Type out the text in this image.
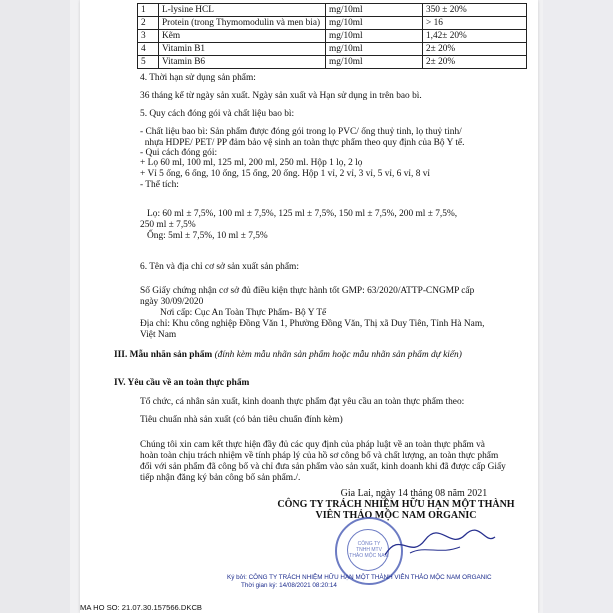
1	L-lysine HCL	mg/10ml	350 ± 20%
2	Protein (trong Thymomodulin và men bia)	mg/10ml	> 16
3	Kẽm	mg/10ml	1,42± 20%
4	Vitamin B1	mg/10ml	2± 20%
5	Vitamin B6	mg/10ml	2± 20%
4. Thời hạn sử dụng sản phẩm:
36 tháng kể từ ngày sản xuất. Ngày sản xuất và Hạn sử dụng in trên bao bì.
5. Quy cách đóng gói và chất liệu bao bì:
- Chất liệu bao bì: Sản phẩm được đóng gói trong lọ PVC/ ống thuỷ tinh, lọ thuỷ tinh/
nhựa HDPE/ PET/ PP đảm bảo vệ sinh an toàn thực phẩm theo quy định của Bộ Y tế.
- Qui cách đóng gói:
+ Lọ 60 ml, 100 ml, 125 ml, 200 ml, 250 ml. Hộp 1 lọ, 2 lọ
+ Vỉ 5 ống, 6 ống, 10 ống, 15 ống, 20 ống. Hộp 1 vỉ, 2 vỉ, 3 vỉ, 5 vỉ, 6 vỉ, 8 vỉ
- Thể tích:
Lọ: 60 ml ± 7,5%, 100 ml ± 7,5%, 125 ml ± 7,5%, 150 ml ± 7,5%, 200 ml ± 7,5%,
250 ml ± 7,5%
Ống: 5ml ± 7,5%, 10 ml ± 7,5%
6. Tên và địa chỉ cơ sở sản xuất sản phẩm:
Số Giấy chứng nhận cơ sở đủ điều kiện thực hành tốt GMP: 63/2020/ATTP-CNGMP cấp
ngày 30/09/2020
Nơi cấp: Cục An Toàn Thực Phẩm- Bộ Y Tế
Địa chỉ: Khu công nghiệp Đồng Văn 1, Phường Đồng Văn, Thị xã Duy Tiên, Tỉnh Hà Nam,
Việt Nam
III. Mẫu nhãn sản phẩm (đính kèm mẫu nhãn sản phẩm hoặc mẫu nhãn sản phẩm dự kiến)
IV. Yêu cầu về an toàn thực phẩm
Tổ chức, cá nhân sản xuất, kinh doanh thực phẩm đạt yêu cầu an toàn thực phẩm theo:
Tiêu chuẩn nhà sản xuất (có bản tiêu chuẩn đính kèm)
Chúng tôi xin cam kết thực hiện đầy đủ các quy định của pháp luật về an toàn thực phẩm và
hoàn toàn chịu trách nhiệm về tính pháp lý của hồ sơ công bố và chất lượng, an toàn thực phẩm
đối với sản phẩm đã công bố và chỉ đưa sản phẩm vào sản xuất, kinh doanh khi đã được cấp Giấy
tiếp nhận đăng ký bản công bố sản phẩm./.
Gia Lai, ngày 14 tháng 08 năm 2021
CÔNG TY TRÁCH NHIỆM HỮU HẠN MỘT THÀNH
VIÊN THẢO MỘC NAM ORGANIC
CÔNG TY
TNHH MTV
THẢO MỘC NAM
Ký bởi: CÔNG TY TRÁCH NHIỆM HỮU HẠN MỘT THÀNH VIÊN THẢO MỘC NAM ORGANIC
Thời gian ký: 14/08/2021 08:20:14
MA HO SO: 21.07.30.157566.DKCB
